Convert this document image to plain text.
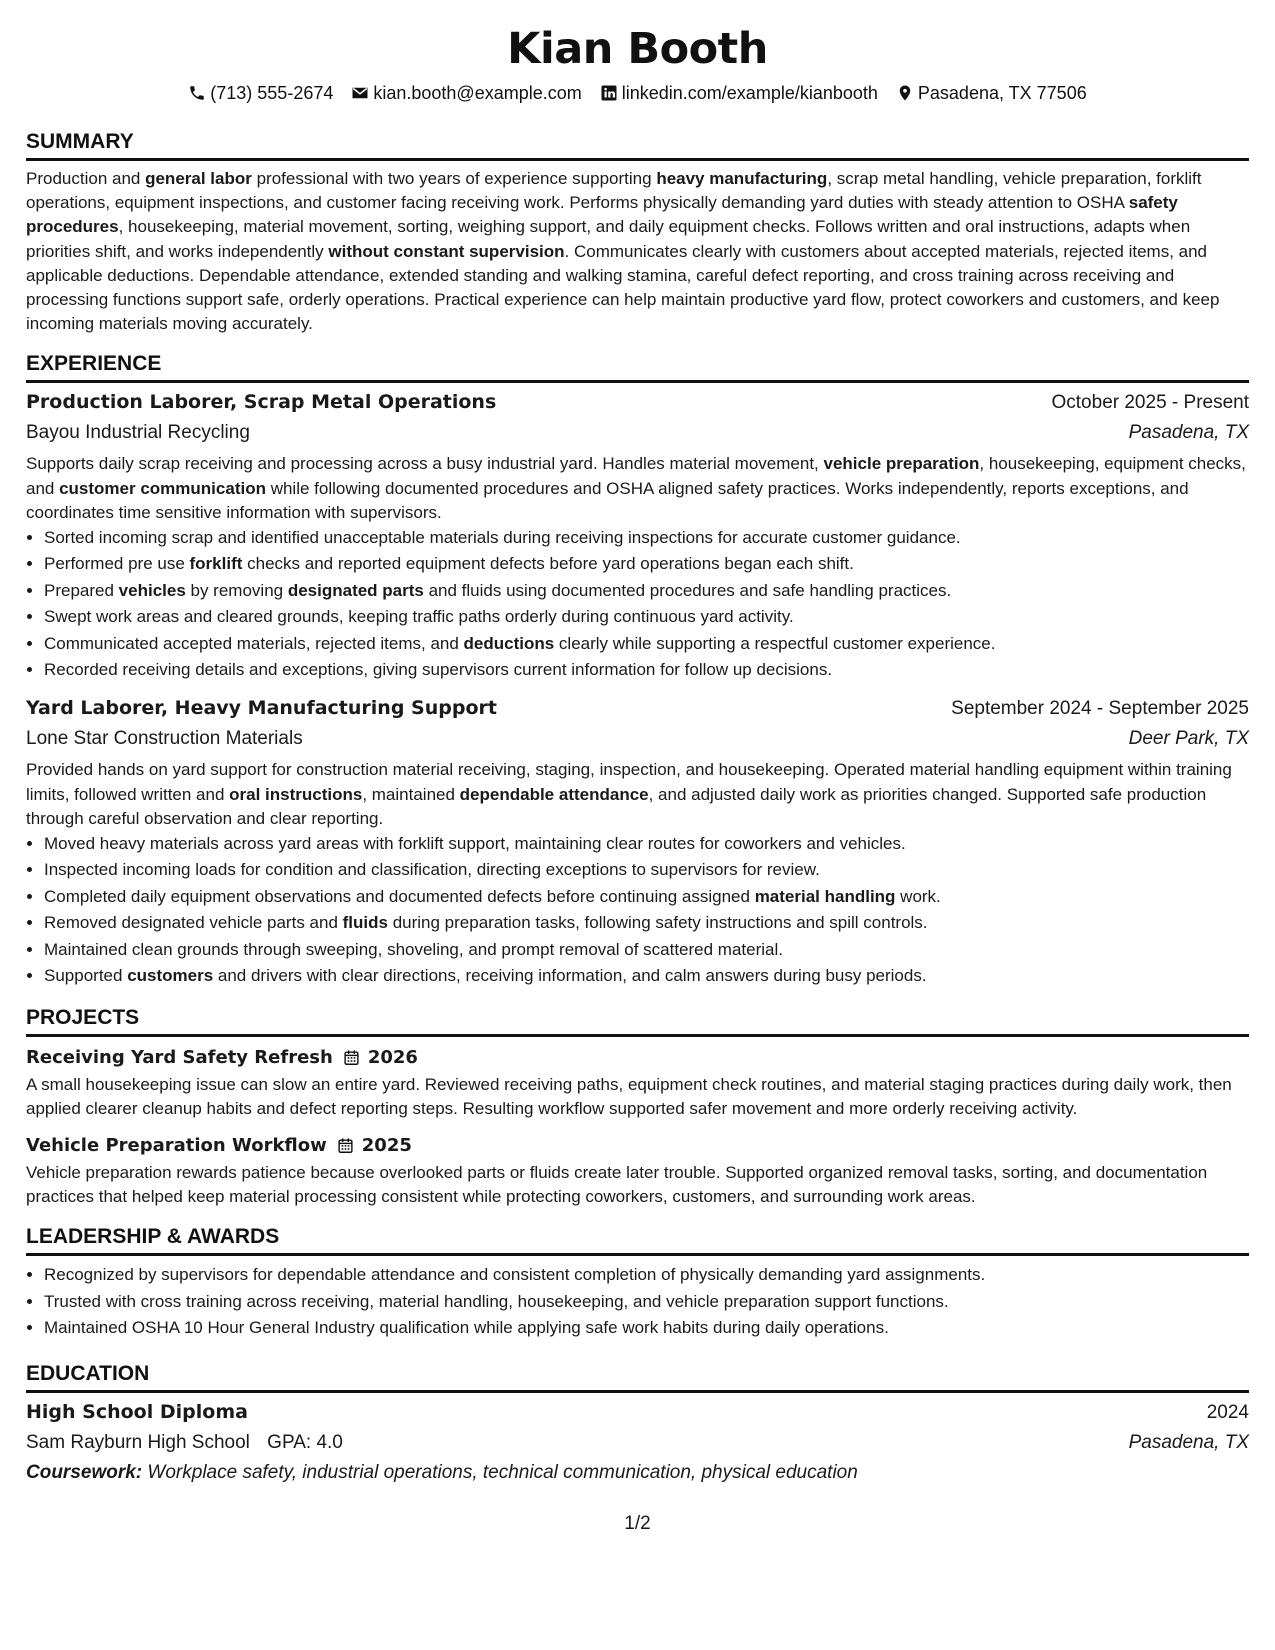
Kian Booth
(713) 555-2674 kian.booth@example.com linkedin.com/example/kianbooth Pasadena, TX 77506
SUMMARY
Production and general labor professional with two years of experience supporting heavy manufacturing, scrap metal handling, vehicle preparation, forklift operations, equipment inspections, and customer facing receiving work. Performs physically demanding yard duties with steady attention to OSHA safety procedures, housekeeping, material movement, sorting, weighing support, and daily equipment checks. Follows written and oral instructions, adapts when priorities shift, and works independently without constant supervision. Communicates clearly with customers about accepted materials, rejected items, and applicable deductions. Dependable attendance, extended standing and walking stamina, careful defect reporting, and cross training across receiving and processing functions support safe, orderly operations. Practical experience can help maintain productive yard flow, protect coworkers and customers, and keep incoming materials moving accurately.
EXPERIENCE
Production Laborer, Scrap Metal Operations	October 2025 - Present
Bayou Industrial Recycling	Pasadena, TX
Supports daily scrap receiving and processing across a busy industrial yard. Handles material movement, vehicle preparation, housekeeping, equipment checks, and customer communication while following documented procedures and OSHA aligned safety practices. Works independently, reports exceptions, and coordinates time sensitive information with supervisors.
• Sorted incoming scrap and identified unacceptable materials during receiving inspections for accurate customer guidance.
• Performed pre use forklift checks and reported equipment defects before yard operations began each shift.
• Prepared vehicles by removing designated parts and fluids using documented procedures and safe handling practices.
• Swept work areas and cleared grounds, keeping traffic paths orderly during continuous yard activity.
• Communicated accepted materials, rejected items, and deductions clearly while supporting a respectful customer experience.
• Recorded receiving details and exceptions, giving supervisors current information for follow up decisions.
Yard Laborer, Heavy Manufacturing Support	September 2024 - September 2025
Lone Star Construction Materials	Deer Park, TX
Provided hands on yard support for construction material receiving, staging, inspection, and housekeeping. Operated material handling equipment within training limits, followed written and oral instructions, maintained dependable attendance, and adjusted daily work as priorities changed. Supported safe production through careful observation and clear reporting.
• Moved heavy materials across yard areas with forklift support, maintaining clear routes for coworkers and vehicles.
• Inspected incoming loads for condition and classification, directing exceptions to supervisors for review.
• Completed daily equipment observations and documented defects before continuing assigned material handling work.
• Removed designated vehicle parts and fluids during preparation tasks, following safety instructions and spill controls.
• Maintained clean grounds through sweeping, shoveling, and prompt removal of scattered material.
• Supported customers and drivers with clear directions, receiving information, and calm answers during busy periods.
PROJECTS
Receiving Yard Safety Refresh 2026
A small housekeeping issue can slow an entire yard. Reviewed receiving paths, equipment check routines, and material staging practices during daily work, then applied clearer cleanup habits and defect reporting steps. Resulting workflow supported safer movement and more orderly receiving activity.
Vehicle Preparation Workflow 2025
Vehicle preparation rewards patience because overlooked parts or fluids create later trouble. Supported organized removal tasks, sorting, and documentation practices that helped keep material processing consistent while protecting coworkers, customers, and surrounding work areas.
LEADERSHIP & AWARDS
• Recognized by supervisors for dependable attendance and consistent completion of physically demanding yard assignments.
• Trusted with cross training across receiving, material handling, housekeeping, and vehicle preparation support functions.
• Maintained OSHA 10 Hour General Industry qualification while applying safe work habits during daily operations.
EDUCATION
High School Diploma	2024
Sam Rayburn High School GPA: 4.0	Pasadena, TX
Coursework: Workplace safety, industrial operations, technical communication, physical education
1/2
